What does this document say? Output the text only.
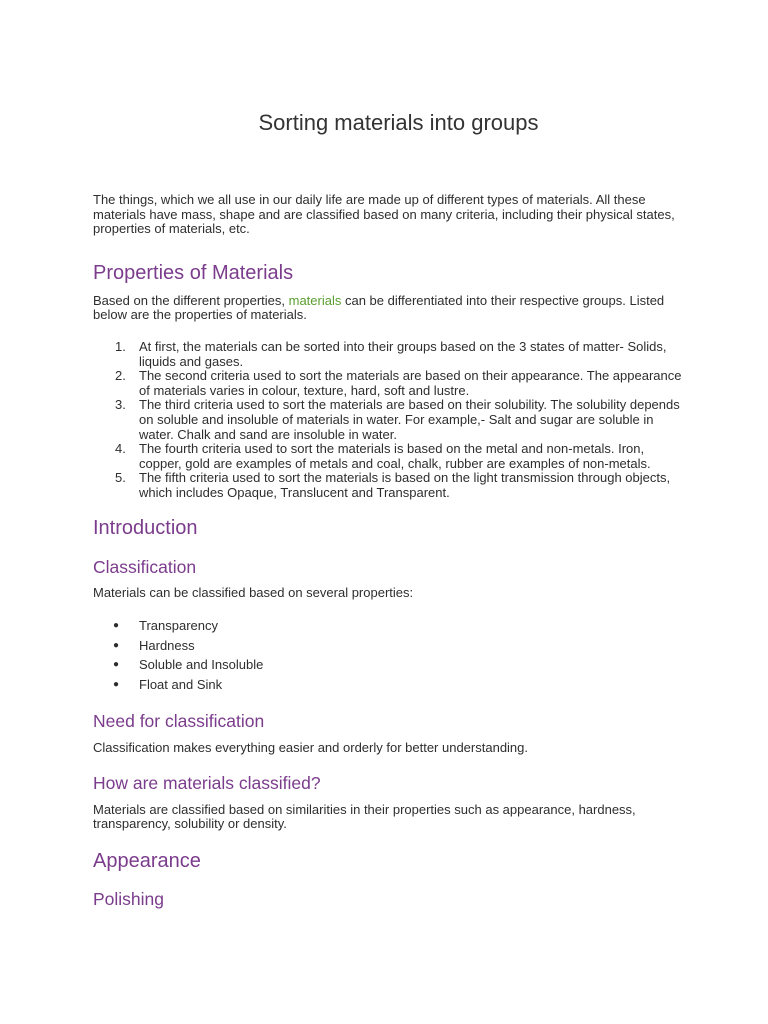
Sorting materials into groups

The things, which we all use in our daily life are made up of different types of materials. All these materials have mass, shape and are classified based on many criteria, including their physical states, properties of materials, etc.

Properties of Materials

Based on the different properties, materials can be differentiated into their respective groups. Listed below are the properties of materials.

1. At first, the materials can be sorted into their groups based on the 3 states of matter- Solids, liquids and gases.
2. The second criteria used to sort the materials are based on their appearance. The appearance of materials varies in colour, texture, hard, soft and lustre.
3. The third criteria used to sort the materials are based on their solubility. The solubility depends on soluble and insoluble of materials in water. For example,- Salt and sugar are soluble in water. Chalk and sand are insoluble in water.
4. The fourth criteria used to sort the materials is based on the metal and non-metals. Iron, copper, gold are examples of metals and coal, chalk, rubber are examples of non-metals.
5. The fifth criteria used to sort the materials is based on the light transmission through objects, which includes Opaque, Translucent and Transparent.
Introduction
Classification

Materials can be classified based on several properties:

● Transparency
● Hardness
● Soluble and Insoluble
● Float and Sink
Need for classification

Classification makes everything easier and orderly for better understanding.

How are materials classified?

Materials are classified based on similarities in their properties such as appearance, hardness, transparency, solubility or density.

Appearance
Polishing
